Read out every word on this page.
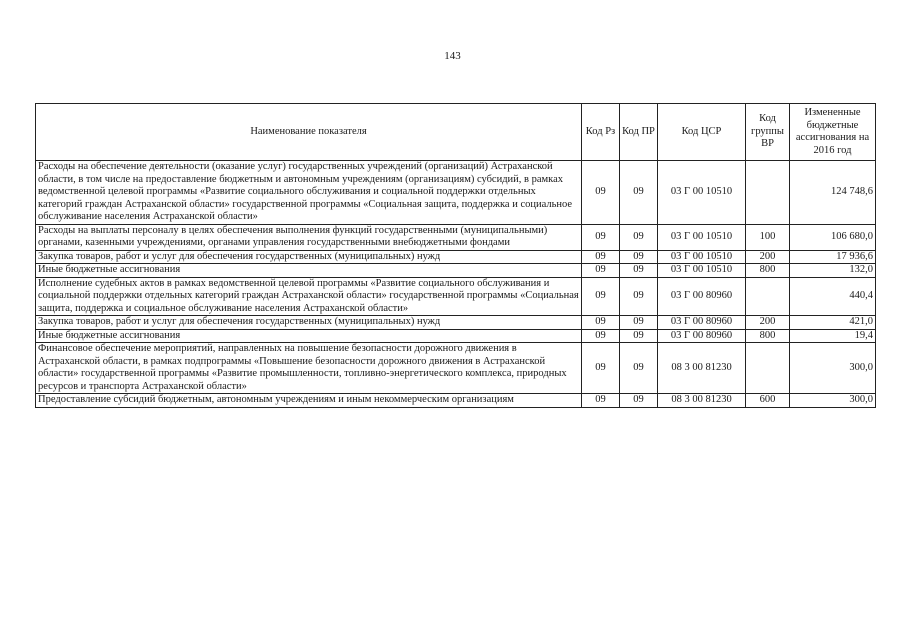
143
Наименование показателя	Код Рз	Код ПР	Код ЦСР	Код группы ВР	Измененные бюджетные ассигнования на 2016 год
Расходы на обеспечение деятельности (оказание услуг) государственных учреждений (организаций) Астраханской области, в том числе на предоставление бюджетным и автономным учреждениям (организациям) субсидий, в рамках ведомственной целевой программы «Развитие социального обслуживания и социальной поддержки отдельных категорий граждан Астраханской области» государственной программы «Социальная защита, поддержка и социальное обслуживание населения Астраханской области»	09	09	03 Г 00 10510		124 748,6
Расходы на выплаты персоналу в целях обеспечения выполнения функций государственными (муниципальными) органами, казенными учреждениями, органами управления государственными внебюджетными фондами	09	09	03 Г 00 10510	100	106 680,0
Закупка товаров, работ и услуг для обеспечения государственных (муниципальных) нужд	09	09	03 Г 00 10510	200	17 936,6
Иные бюджетные ассигнования	09	09	03 Г 00 10510	800	132,0
Исполнение судебных актов в рамках ведомственной целевой программы «Развитие социального обслуживания и социальной поддержки отдельных категорий граждан Астраханской области» государственной программы «Социальная защита, поддержка и социальное обслуживание населения Астраханской области»	09	09	03 Г 00 80960		440,4
Закупка товаров, работ и услуг для обеспечения государственных (муниципальных) нужд	09	09	03 Г 00 80960	200	421,0
Иные бюджетные ассигнования	09	09	03 Г 00 80960	800	19,4
Финансовое обеспечение мероприятий, направленных на повышение безопасности дорожного движения в Астраханской области, в рамках подпрограммы «Повышение безопасности дорожного движения в Астраханской области» государственной программы «Развитие промышленности, топливно-энергетического комплекса, природных ресурсов и транспорта Астраханской области»	09	09	08 3 00 81230		300,0
Предоставление субсидий бюджетным, автономным учреждениям и иным некоммерческим организациям	09	09	08 3 00 81230	600	300,0
